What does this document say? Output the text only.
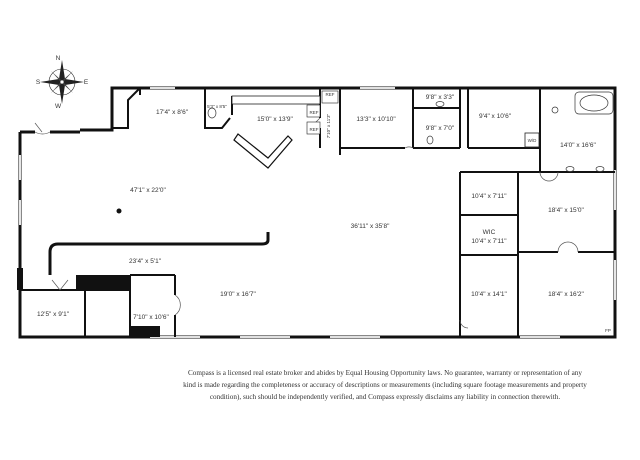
N
S	E
W
47'1" x 22'0"
17'4" x 8'6"
5'3" x 8'5"
15'0" x 13'9"
REF
REF
REF 7'10" x 11'3"	13'3" x 10'10"
9'8" x 3'3"
9'8" x 7'0"
9'4" x 10'6"
W/D
14'0" x 16'6"
10'4" x 7'11"
18'4" x 15'0"
36'11" x 35'8"
WIC
10'4" x 7'11"
23'4" x 5'1"
19'0" x 16'7"
12'5" x 9'1"	7'10" x 10'6"
10'4" x 14'1"	18'4" x 16'2"
FP
Compass is a licensed real estate broker and abides by Equal Housing Opportunity laws. No guarantee, warranty or representation of any
kind is made regarding the completeness or accuracy of descriptions or measurements (including square footage measurements and property
condition), such should be independently verified, and Compass expressly disclaims any liability in connection therewith.
